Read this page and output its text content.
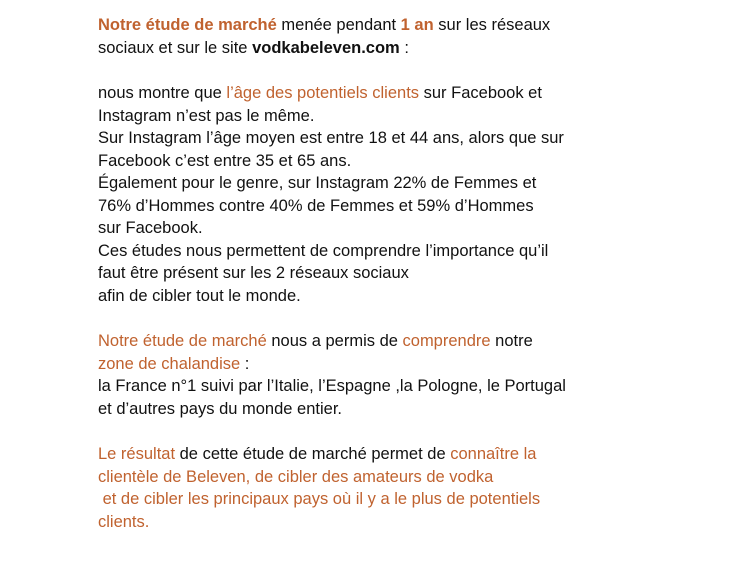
Notre étude de marché menée pendant 1 an sur les réseaux
sociaux et sur le site vodkabeleven.com :
nous montre que l’âge des potentiels clients sur Facebook et
Instagram n’est pas le même.
Sur Instagram l’âge moyen est entre 18 et 44 ans, alors que sur
Facebook c’est entre 35 et 65 ans.
Également pour le genre, sur Instagram 22% de Femmes et
76% d’Hommes contre 40% de Femmes et 59% d’Hommes
sur Facebook.
Ces études nous permettent de comprendre l’importance qu’il
faut être présent sur les 2 réseaux sociaux
afin de cibler tout le monde.
Notre étude de marché nous a permis de comprendre notre
zone de chalandise :
la France n°1 suivi par l’Italie, l’Espagne ,la Pologne, le Portugal
et d’autres pays du monde entier.
Le résultat de cette étude de marché permet de connaître la
clientèle de Beleven, de cibler des amateurs de vodka
et de cibler les principaux pays où il y a le plus de potentiels
clients.
